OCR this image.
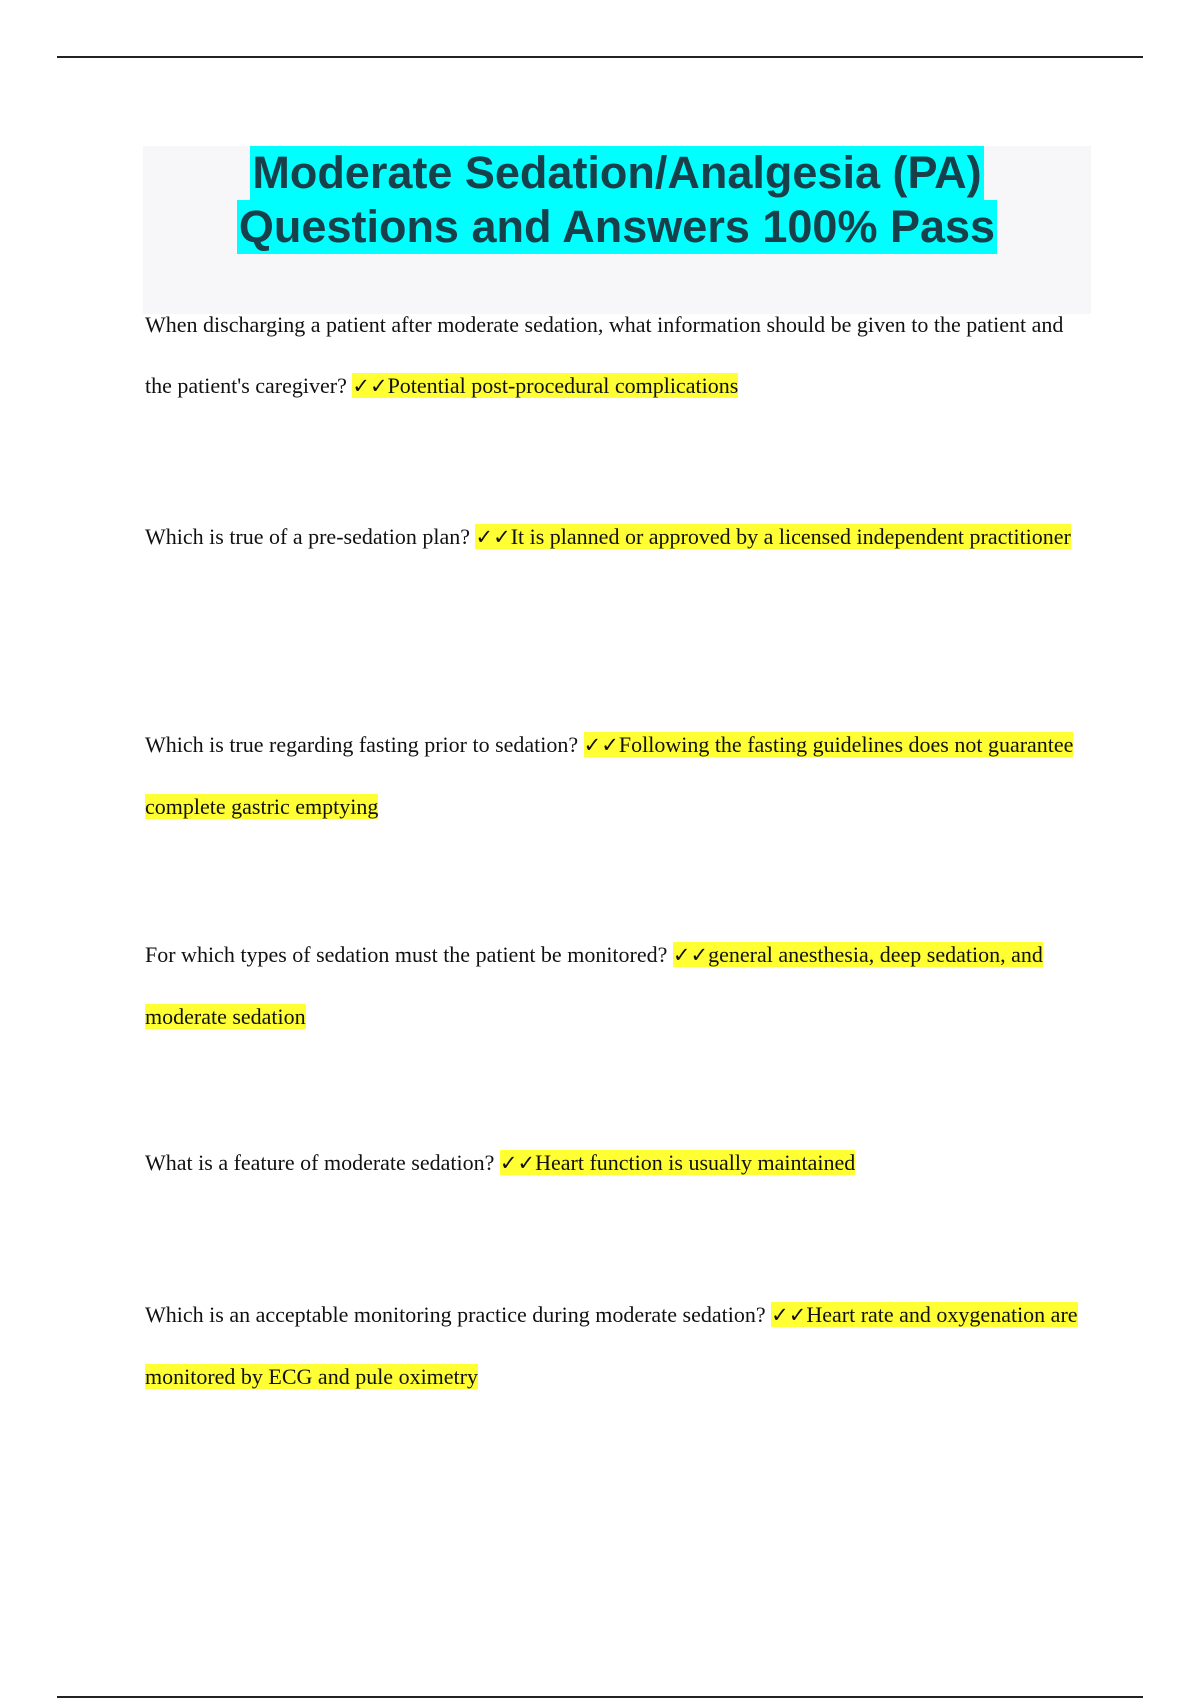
Moderate Sedation/Analgesia (PA)
Questions and Answers 100% Pass

When discharging a patient after moderate sedation, what information should be given to the patient and the patient's caregiver? ✓✓Potential post-procedural complications

Which is true of a pre-sedation plan? ✓✓It is planned or approved by a licensed independent practitioner

Which is true regarding fasting prior to sedation? ✓✓Following the fasting guidelines does not guarantee complete gastric emptying

For which types of sedation must the patient be monitored? ✓✓general anesthesia, deep sedation, and moderate sedation

What is a feature of moderate sedation? ✓✓Heart function is usually maintained

Which is an acceptable monitoring practice during moderate sedation? ✓✓Heart rate and oxygenation are monitored by ECG and pule oximetry
